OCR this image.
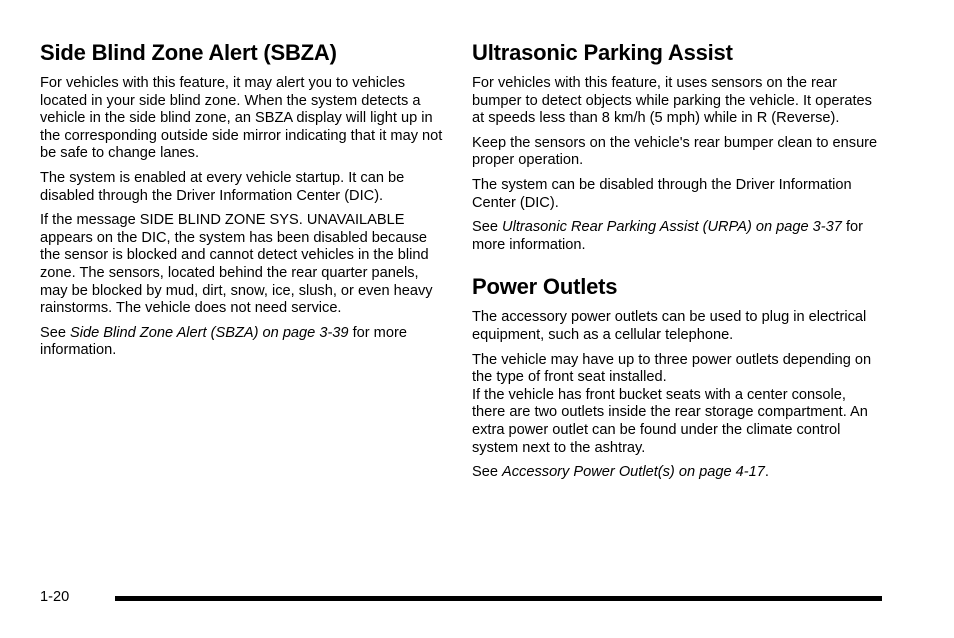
Side Blind Zone Alert (SBZA)

For vehicles with this feature, it may alert you to vehicles located in your side blind zone. When the system detects a vehicle in the side blind zone, an SBZA display will light up in the corresponding outside side mirror indicating that it may not be safe to change lanes.

The system is enabled at every vehicle startup. It can be disabled through the Driver Information Center (DIC).

If the message SIDE BLIND ZONE SYS. UNAVAILABLE appears on the DIC, the system has been disabled because the sensor is blocked and cannot detect vehicles in the blind zone. The sensors, located behind the rear quarter panels, may be blocked by mud, dirt, snow, ice, slush, or even heavy rainstorms. The vehicle does not need service.

See Side Blind Zone Alert (SBZA) on page 3-39 for more information.

Ultrasonic Parking Assist

For vehicles with this feature, it uses sensors on the rear bumper to detect objects while parking the vehicle. It operates at speeds less than 8 km/h (5 mph) while in R (Reverse).

Keep the sensors on the vehicle's rear bumper clean to ensure proper operation.

The system can be disabled through the Driver Information Center (DIC).

See Ultrasonic Rear Parking Assist (URPA) on page 3-37 for more information.

Power Outlets

The accessory power outlets can be used to plug in electrical equipment, such as a cellular telephone.

The vehicle may have up to three power outlets depending on the type of front seat installed.
If the vehicle has front bucket seats with a center console, there are two outlets inside the rear storage compartment. An extra power outlet can be found under the climate control system next to the ashtray.

See Accessory Power Outlet(s) on page 4-17.

1-20
